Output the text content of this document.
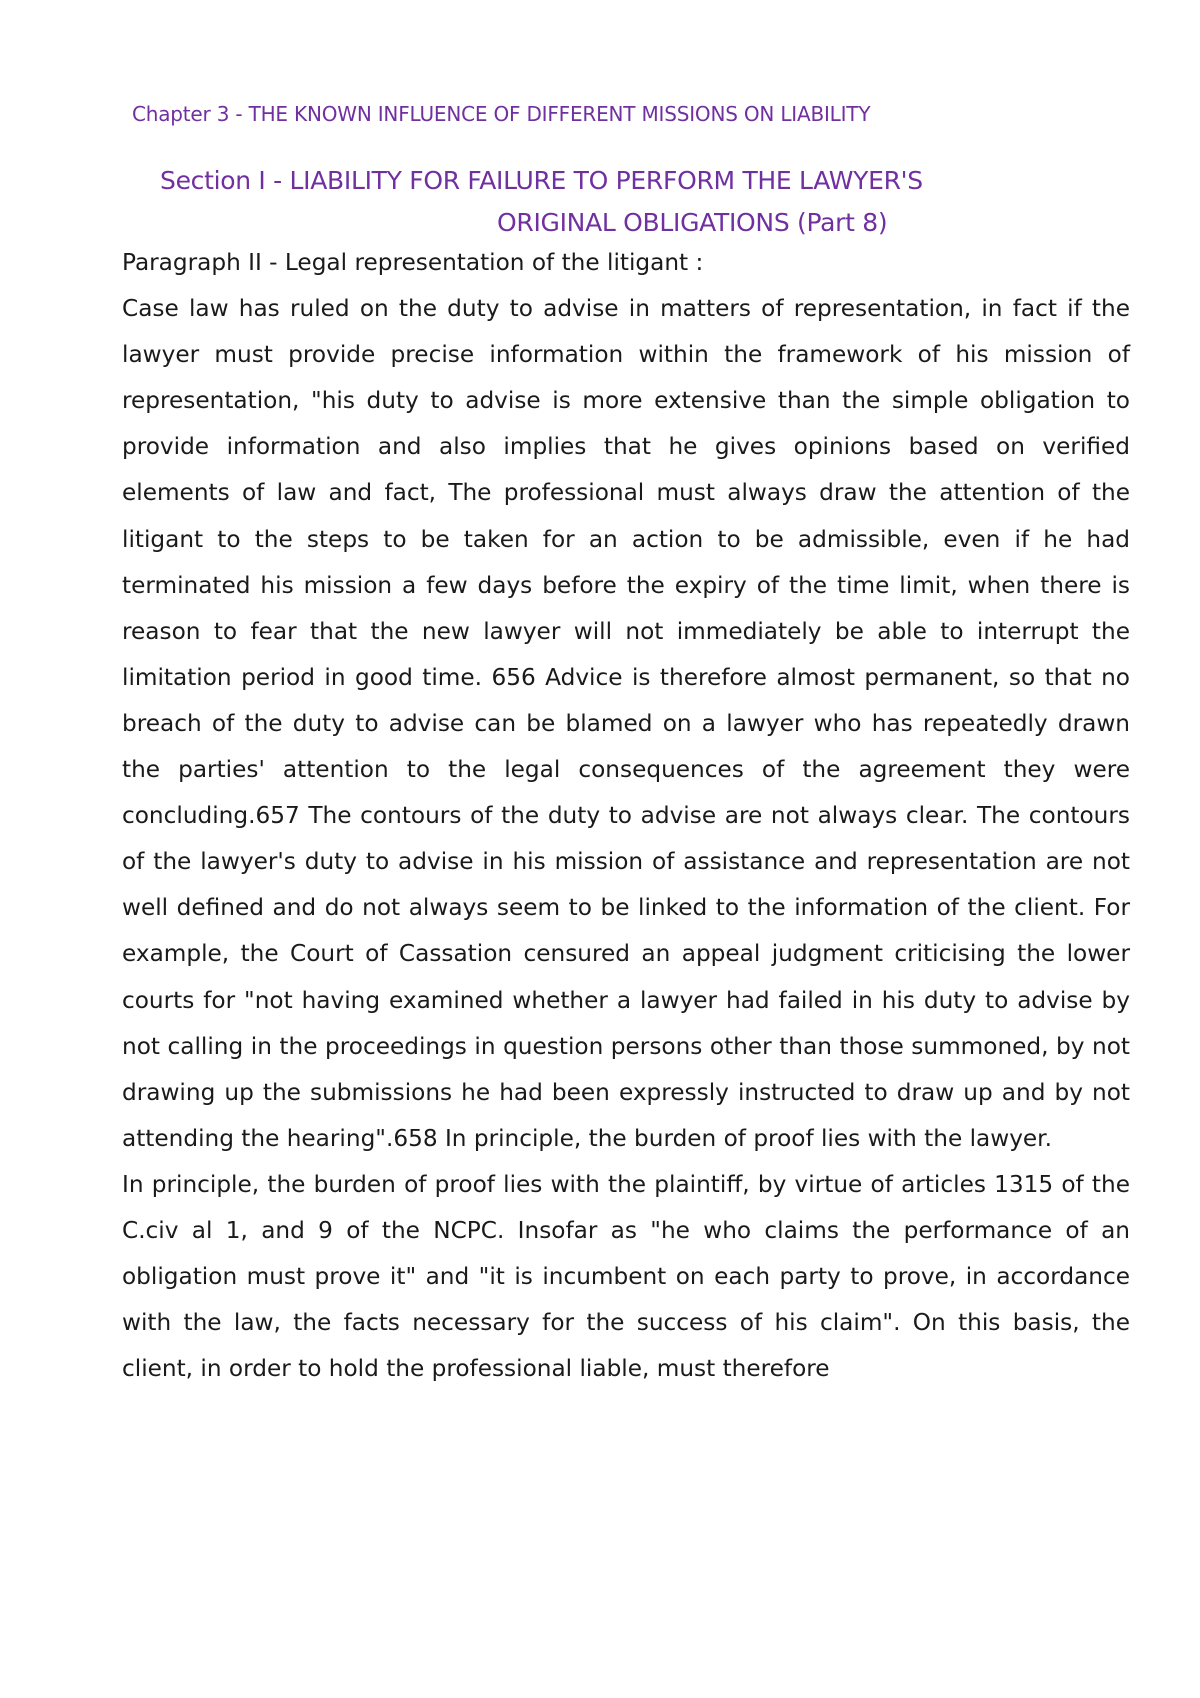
Chapter 3 - THE KNOWN INFLUENCE OF DIFFERENT MISSIONS ON LIABILITY
Section I - LIABILITY FOR FAILURE TO PERFORM THE LAWYER'S
ORIGINAL OBLIGATIONS (Part 8)

Paragraph II - Legal representation of the litigant :

Case law has ruled on the duty to advise in matters of representation, in fact if the lawyer must provide precise information within the framework of his mission of representation, "his duty to advise is more extensive than the simple obligation to provide information and also implies that he gives opinions based on verified elements of law and fact, The professional must always draw the attention of the litigant to the steps to be taken for an action to be admissible, even if he had terminated his mission a few days before the expiry of the time limit, when there is reason to fear that the new lawyer will not immediately be able to interrupt the limitation period in good time. 656 Advice is therefore almost permanent, so that no breach of the duty to advise can be blamed on a lawyer who has repeatedly drawn the parties' attention to the legal consequences of the agreement they were concluding.657 The contours of the duty to advise are not always clear. The contours of the lawyer's duty to advise in his mission of assistance and representation are not well defined and do not always seem to be linked to the information of the client. For example, the Court of Cassation censured an appeal judgment criticising the lower courts for "not having examined whether a lawyer had failed in his duty to advise by not calling in the proceedings in question persons other than those summoned, by not drawing up the submissions he had been expressly instructed to draw up and by not attending the hearing".658 In principle, the burden of proof lies with the lawyer.

In principle, the burden of proof lies with the plaintiff, by virtue of articles 1315 of the C.civ al 1, and 9 of the NCPC. Insofar as "he who claims the performance of an obligation must prove it" and "it is incumbent on each party to prove, in accordance with the law, the facts necessary for the success of his claim". On this basis, the client, in order to hold the professional liable, must therefore
